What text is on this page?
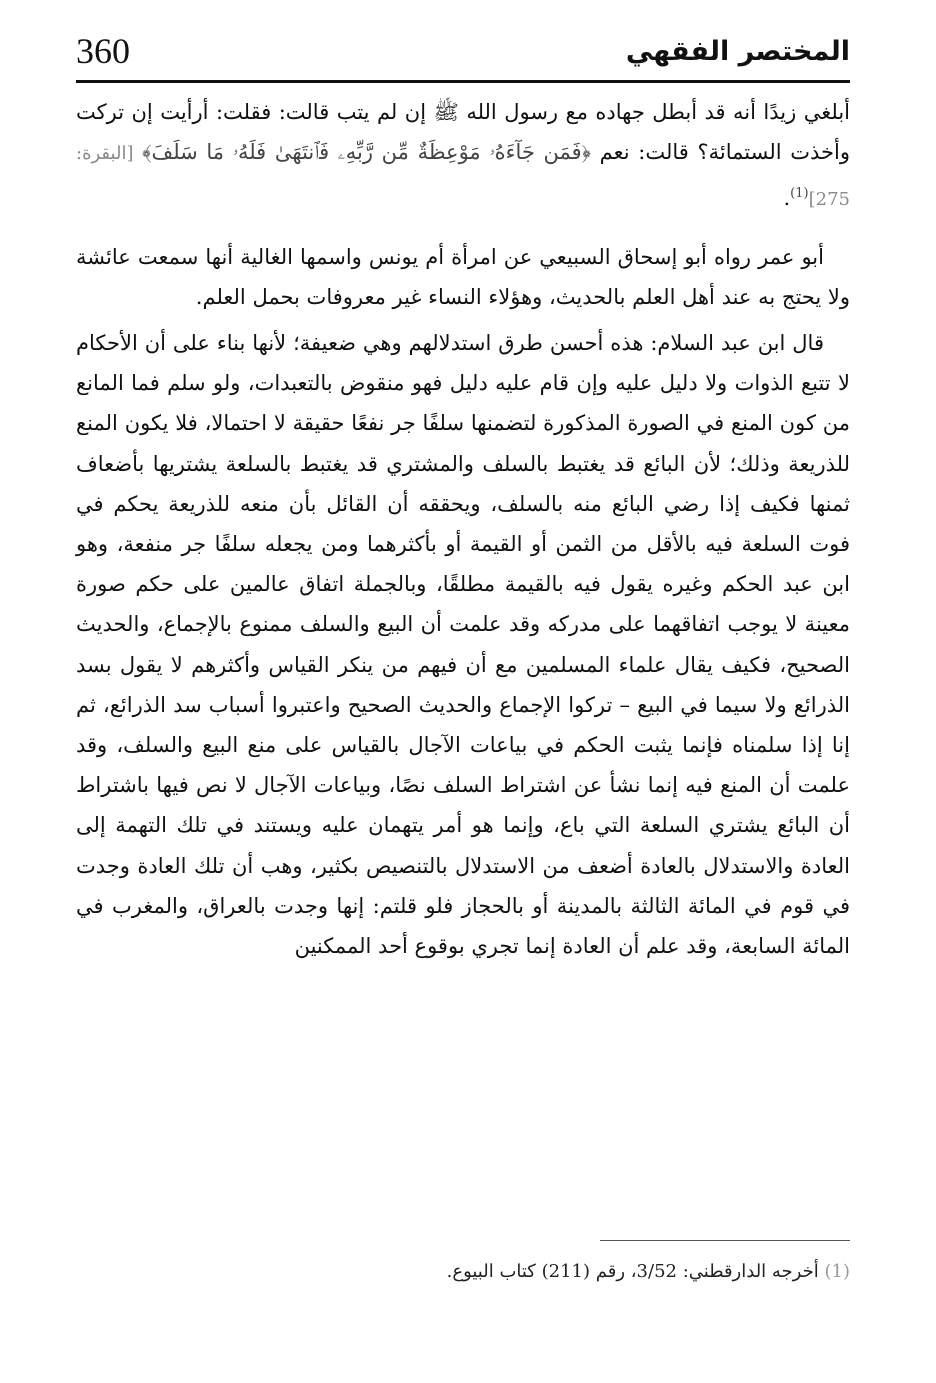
360	المختصر الفقهي

أبلغي زيدًا أنه قد أبطل جهاده مع رسول الله ﷺ إن لم يتب قالت: فقلت: أرأيت إن تركت وأخذت الستمائة؟ قالت: نعم ﴿فَمَن جَآءَهُۥ مَوْعِظَةٌ مِّن رَّبِّهِۦ فَٱنتَهَىٰ فَلَهُۥ مَا سَلَفَ﴾ [البقرة: 275]$^{(1)}$.

أبو عمر رواه أبو إسحاق السبيعي عن امرأة أم يونس واسمها الغالية أنها سمعت عائشة ولا يحتج به عند أهل العلم بالحديث، وهؤلاء النساء غير معروفات بحمل العلم.

قال ابن عبد السلام: هذه أحسن طرق استدلالهم وهي ضعيفة؛ لأنها بناء على أن الأحكام لا تتبع الذوات ولا دليل عليه وإن قام عليه دليل فهو منقوض بالتعبدات، ولو سلم فما المانع من كون المنع في الصورة المذكورة لتضمنها سلفًا جر نفعًا حقيقة لا احتمالا، فلا يكون المنع للذريعة وذلك؛ لأن البائع قد يغتبط بالسلف والمشتري قد يغتبط بالسلعة يشتريها بأضعاف ثمنها فكيف إذا رضي البائع منه بالسلف، ويحققه أن القائل بأن منعه للذريعة يحكم في فوت السلعة فيه بالأقل من الثمن أو القيمة أو بأكثرهما ومن يجعله سلفًا جر منفعة، وهو ابن عبد الحكم وغيره يقول فيه بالقيمة مطلقًا، وبالجملة اتفاق عالمين على حكم صورة معينة لا يوجب اتفاقهما على مدركه وقد علمت أن البيع والسلف ممنوع بالإجماع، والحديث الصحيح، فكيف يقال علماء المسلمين مع أن فيهم من ينكر القياس وأكثرهم لا يقول بسد الذرائع ولا سيما في البيع – تركوا الإجماع والحديث الصحيح واعتبروا أسباب سد الذرائع، ثم إنا إذا سلمناه فإنما يثبت الحكم في بياعات الآجال بالقياس على منع البيع والسلف، وقد علمت أن المنع فيه إنما نشأ عن اشتراط السلف نصًا، وبياعات الآجال لا نص فيها باشتراط أن البائع يشتري السلعة التي باع، وإنما هو أمر يتهمان عليه ويستند في تلك التهمة إلى العادة والاستدلال بالعادة أضعف من الاستدلال بالتنصيص بكثير، وهب أن تلك العادة وجدت في قوم في المائة الثالثة بالمدينة أو بالحجاز فلو قلتم: إنها وجدت بالعراق، والمغرب في المائة السابعة، وقد علم أن العادة إنما تجري بوقوع أحد الممكنين

(1) أخرجه الدارقطني: 3/52، رقم (211) كتاب البيوع.
